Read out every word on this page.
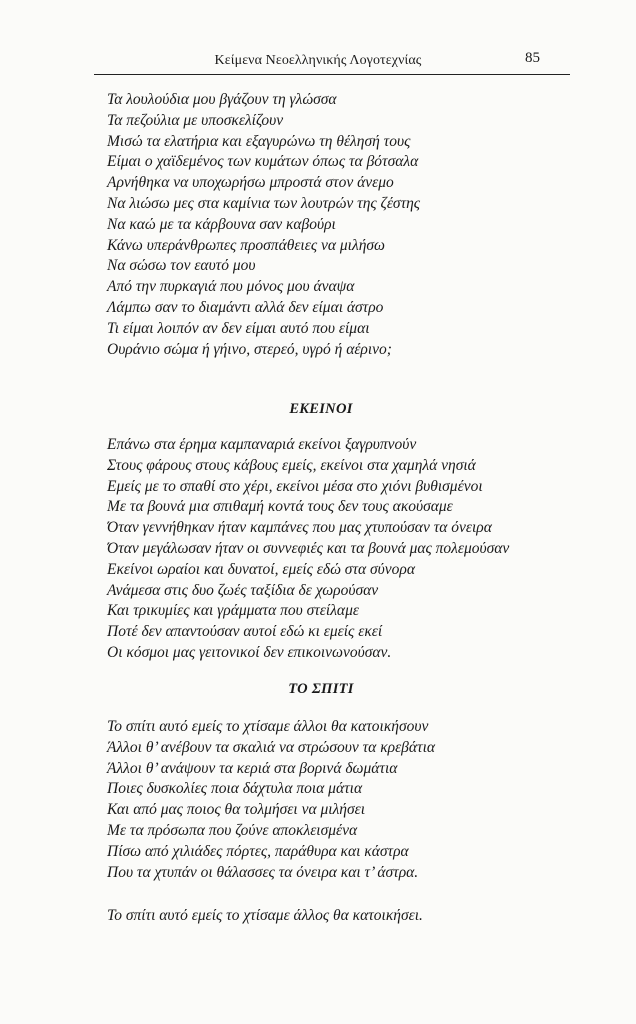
Κείμενα Νεοελληνικής Λογοτεχνίας	85
Τα λουλούδια μου βγάζουν τη γλώσσα
Τα πεζούλια με υποσκελίζουν
Μισώ τα ελατήρια και εξαγυρώνω τη θέλησή τους
Είμαι ο χαϊδεμένος των κυμάτων όπως τα βότσαλα
Αρνήθηκα να υποχωρήσω μπροστά στον άνεμο
Να λιώσω μες στα καμίνια των λουτρών της ζέστης
Να καώ με τα κάρβουνα σαν καβούρι
Κάνω υπεράνθρωπες προσπάθειες να μιλήσω
Να σώσω τον εαυτό μου
Από την πυρκαγιά που μόνος μου άναψα
Λάμπω σαν το διαμάντι αλλά δεν είμαι άστρο
Τι είμαι λοιπόν αν δεν είμαι αυτό που είμαι
Ουράνιο σώμα ή γήινο, στερεό, υγρό ή αέρινο;
ΕΚΕΙΝΟΙ
Επάνω στα έρημα καμπαναριά εκείνοι ξαγρυπνούν
Στους φάρους στους κάβους εμείς, εκείνοι στα χαμηλά νησιά
Εμείς με το σπαθί στο χέρι, εκείνοι μέσα στο χιόνι βυθισμένοι
Με τα βουνά μια σπιθαμή κοντά τους δεν τους ακούσαμε
Όταν γεννήθηκαν ήταν καμπάνες που μας χτυπούσαν τα όνειρα
Όταν μεγάλωσαν ήταν οι συννεφιές και τα βουνά μας πολεμούσαν
Εκείνοι ωραίοι και δυνατοί, εμείς εδώ στα σύνορα
Ανάμεσα στις δυο ζωές ταξίδια δε χωρούσαν
Και τρικυμίες και γράμματα που στείλαμε
Ποτέ δεν απαντούσαν αυτοί εδώ κι εμείς εκεί
Οι κόσμοι μας γειτονικοί δεν επικοινωνούσαν.
ΤΟ ΣΠΙΤΙ
Το σπίτι αυτό εμείς το χτίσαμε άλλοι θα κατοικήσουν
Άλλοι θ’ ανέβουν τα σκαλιά να στρώσουν τα κρεβάτια
Άλλοι θ’ ανάψουν τα κεριά στα βορινά δωμάτια
Ποιες δυσκολίες ποια δάχτυλα ποια μάτια
Και από μας ποιος θα τολμήσει να μιλήσει
Με τα πρόσωπα που ζούνε αποκλεισμένα
Πίσω από χιλιάδες πόρτες, παράθυρα και κάστρα
Που τα χτυπάν οι θάλασσες τα όνειρα και τ’ άστρα.
Το σπίτι αυτό εμείς το χτίσαμε άλλος θα κατοικήσει.
